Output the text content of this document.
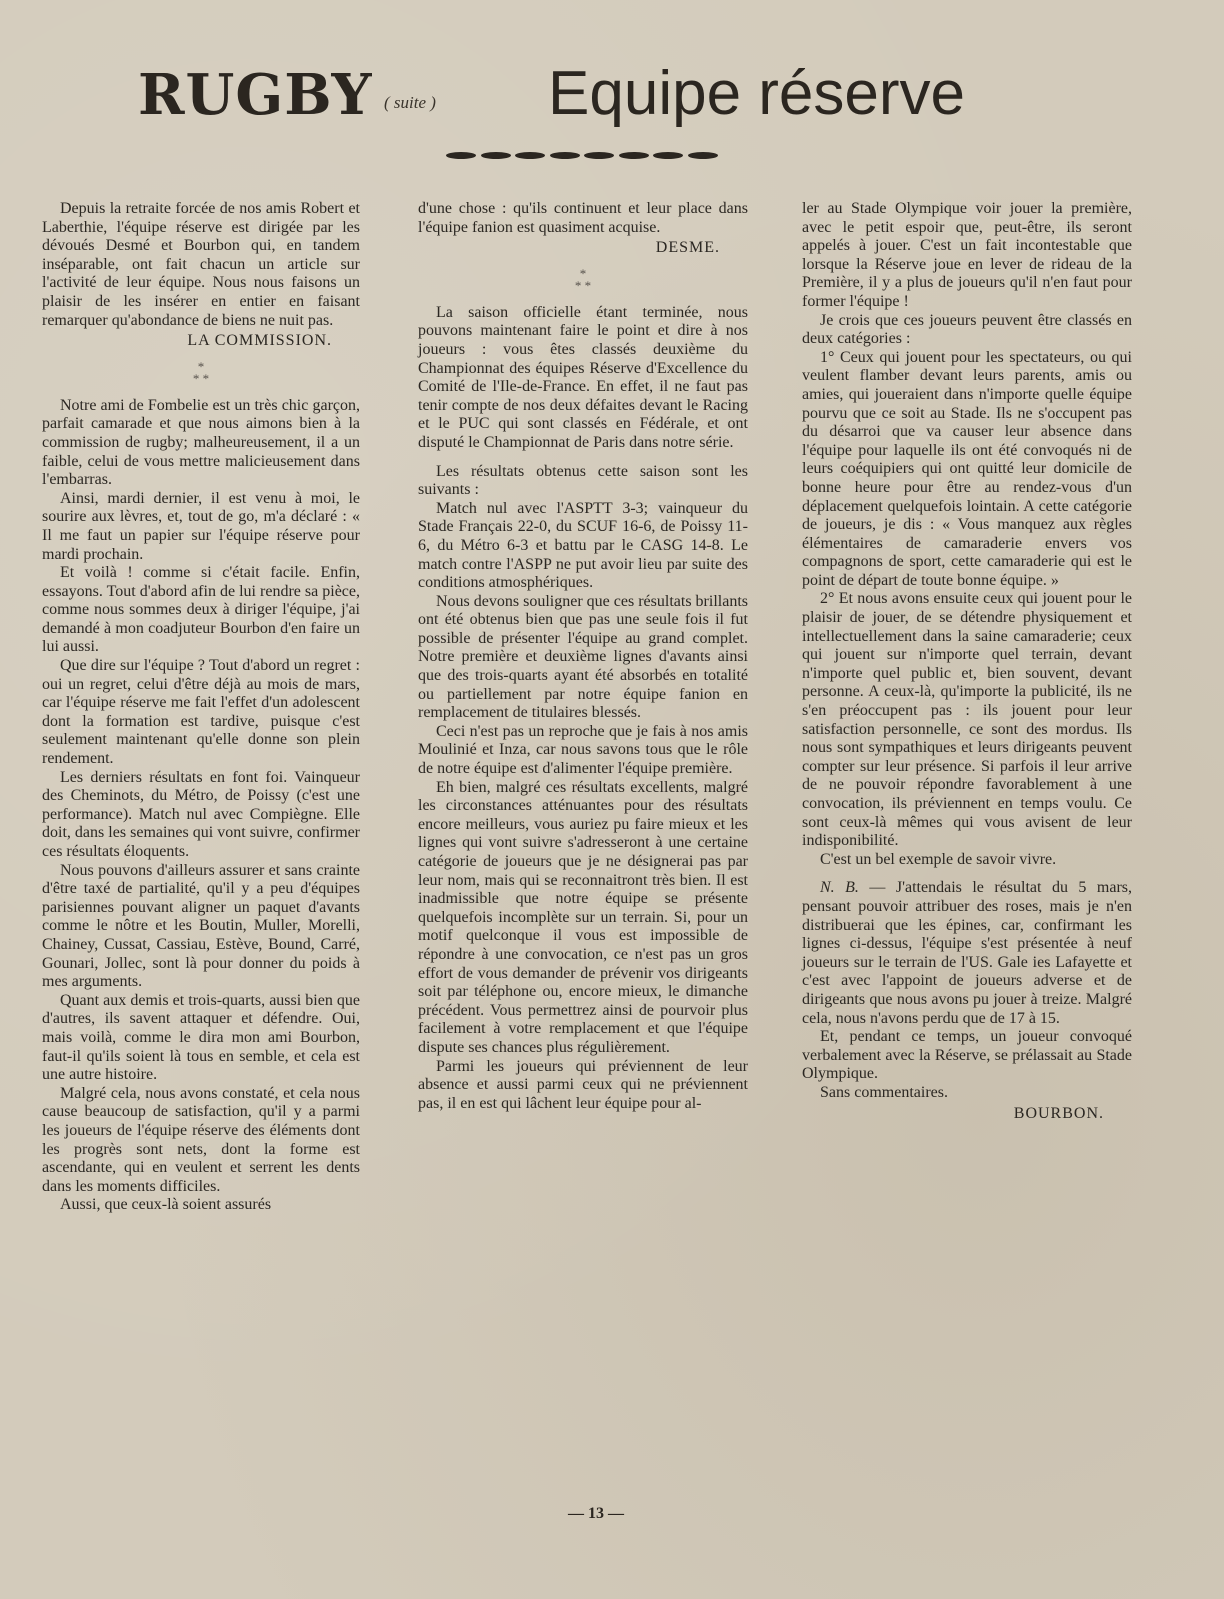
RUGBY ( suite ) Equipe réserve

Depuis la retraite forcée de nos amis Robert et Laberthie, l'équipe réserve est dirigée par les dévoués Desmé et Bourbon qui, en tandem inséparable, ont fait chacun un article sur l'activité de leur équipe. Nous nous faisons un plaisir de les insérer en entier en faisant remarquer qu'abondance de biens ne nuit pas.

LA COMMISSION.
*
* *

Notre ami de Fombelie est un très chic garçon, parfait camarade et que nous aimons bien à la commission de rugby; malheureusement, il a un faible, celui de vous mettre malicieusement dans l'embarras.

Ainsi, mardi dernier, il est venu à moi, le sourire aux lèvres, et, tout de go, m'a déclaré : « Il me faut un papier sur l'équipe réserve pour mardi prochain.

Et voilà ! comme si c'était facile. Enfin, essayons. Tout d'abord afin de lui rendre sa pièce, comme nous sommes deux à diriger l'équipe, j'ai demandé à mon coadjuteur Bourbon d'en faire un lui aussi.

Que dire sur l'équipe ? Tout d'abord un regret : oui un regret, celui d'être déjà au mois de mars, car l'équipe réserve me fait l'effet d'un adolescent dont la formation est tardive, puisque c'est seulement maintenant qu'elle donne son plein rendement.

Les derniers résultats en font foi. Vainqueur des Cheminots, du Métro, de Poissy (c'est une performance). Match nul avec Compiègne. Elle doit, dans les semaines qui vont suivre, confirmer ces résultats éloquents.

Nous pouvons d'ailleurs assurer et sans crainte d'être taxé de partialité, qu'il y a peu d'équipes parisiennes pouvant aligner un paquet d'avants comme le nôtre et les Boutin, Muller, Morelli, Chainey, Cussat, Cassiau, Estève, Bound, Carré, Gounari, Jollec, sont là pour donner du poids à mes arguments.

Quant aux demis et trois-quarts, aussi bien que d'autres, ils savent attaquer et défendre. Oui, mais voilà, comme le dira mon ami Bourbon, faut-il qu'ils soient là tous en semble, et cela est une autre histoire.

Malgré cela, nous avons constaté, et cela nous cause beaucoup de satisfaction, qu'il y a parmi les joueurs de l'équipe réserve des éléments dont les progrès sont nets, dont la forme est ascendante, qui en veulent et serrent les dents dans les moments difficiles.

Aussi, que ceux-là soient assurés

d'une chose : qu'ils continuent et leur place dans l'équipe fanion est quasiment acquise.

DESME.
*
* *

La saison officielle étant terminée, nous pouvons maintenant faire le point et dire à nos joueurs : vous êtes classés deuxième du Championnat des équipes Réserve d'Excellence du Comité de l'Ile-de-France. En effet, il ne faut pas tenir compte de nos deux défaites devant le Racing et le PUC qui sont classés en Fédérale, et ont disputé le Championnat de Paris dans notre série.

Les résultats obtenus cette saison sont les suivants :

Match nul avec l'ASPTT 3-3; vainqueur du Stade Français 22-0, du SCUF 16-6, de Poissy 11-6, du Métro 6-3 et battu par le CASG 14-8. Le match contre l'ASPP ne put avoir lieu par suite des conditions atmosphériques.

Nous devons souligner que ces résultats brillants ont été obtenus bien que pas une seule fois il fut possible de présenter l'équipe au grand complet. Notre première et deuxième lignes d'avants ainsi que des trois-quarts ayant été absorbés en totalité ou partiellement par notre équipe fanion en remplacement de titulaires blessés.

Ceci n'est pas un reproche que je fais à nos amis Moulinié et Inza, car nous savons tous que le rôle de notre équipe est d'alimenter l'équipe première.

Eh bien, malgré ces résultats excellents, malgré les circonstances atténuantes pour des résultats encore meilleurs, vous auriez pu faire mieux et les lignes qui vont suivre s'adresseront à une certaine catégorie de joueurs que je ne désignerai pas par leur nom, mais qui se reconnaitront très bien. Il est inadmissible que notre équipe se présente quelquefois incomplète sur un terrain. Si, pour un motif quelconque il vous est impossible de répondre à une convocation, ce n'est pas un gros effort de vous demander de prévenir vos dirigeants soit par téléphone ou, encore mieux, le dimanche précédent. Vous permettrez ainsi de pourvoir plus facilement à votre remplacement et que l'équipe dispute ses chances plus régulièrement.

Parmi les joueurs qui préviennent de leur absence et aussi parmi ceux qui ne préviennent pas, il en est qui lâchent leur équipe pour al-

ler au Stade Olympique voir jouer la première, avec le petit espoir que, peut-être, ils seront appelés à jouer. C'est un fait incontestable que lorsque la Réserve joue en lever de rideau de la Première, il y a plus de joueurs qu'il n'en faut pour former l'équipe !

Je crois que ces joueurs peuvent être classés en deux catégories :

1° Ceux qui jouent pour les spectateurs, ou qui veulent flamber devant leurs parents, amis ou amies, qui joueraient dans n'importe quelle équipe pourvu que ce soit au Stade. Ils ne s'occupent pas du désarroi que va causer leur absence dans l'équipe pour laquelle ils ont été convoqués ni de leurs coéquipiers qui ont quitté leur domicile de bonne heure pour être au rendez-vous d'un déplacement quelquefois lointain. A cette catégorie de joueurs, je dis : « Vous manquez aux règles élémentaires de camaraderie envers vos compagnons de sport, cette camaraderie qui est le point de départ de toute bonne équipe. »

2° Et nous avons ensuite ceux qui jouent pour le plaisir de jouer, de se détendre physiquement et intellectuellement dans la saine camaraderie; ceux qui jouent sur n'importe quel terrain, devant n'importe quel public et, bien souvent, devant personne. A ceux-là, qu'importe la publicité, ils ne s'en préoccupent pas : ils jouent pour leur satisfaction personnelle, ce sont des mordus. Ils nous sont sympathiques et leurs dirigeants peuvent compter sur leur présence. Si parfois il leur arrive de ne pouvoir répondre favorablement à une convocation, ils préviennent en temps voulu. Ce sont ceux-là mêmes qui vous avisent de leur indisponibilité.

C'est un bel exemple de savoir vivre.

N. B. — J'attendais le résultat du 5 mars, pensant pouvoir attribuer des roses, mais je n'en distribuerai que les épines, car, confirmant les lignes ci-dessus, l'équipe s'est présentée à neuf joueurs sur le terrain de l'US. Gale ies Lafayette et c'est avec l'appoint de joueurs adverse et de dirigeants que nous avons pu jouer à treize. Malgré cela, nous n'avons perdu que de 17 à 15.

Et, pendant ce temps, un joueur convoqué verbalement avec la Réserve, se prélassait au Stade Olympique.

Sans commentaires.

BOURBON.
— 13 —
